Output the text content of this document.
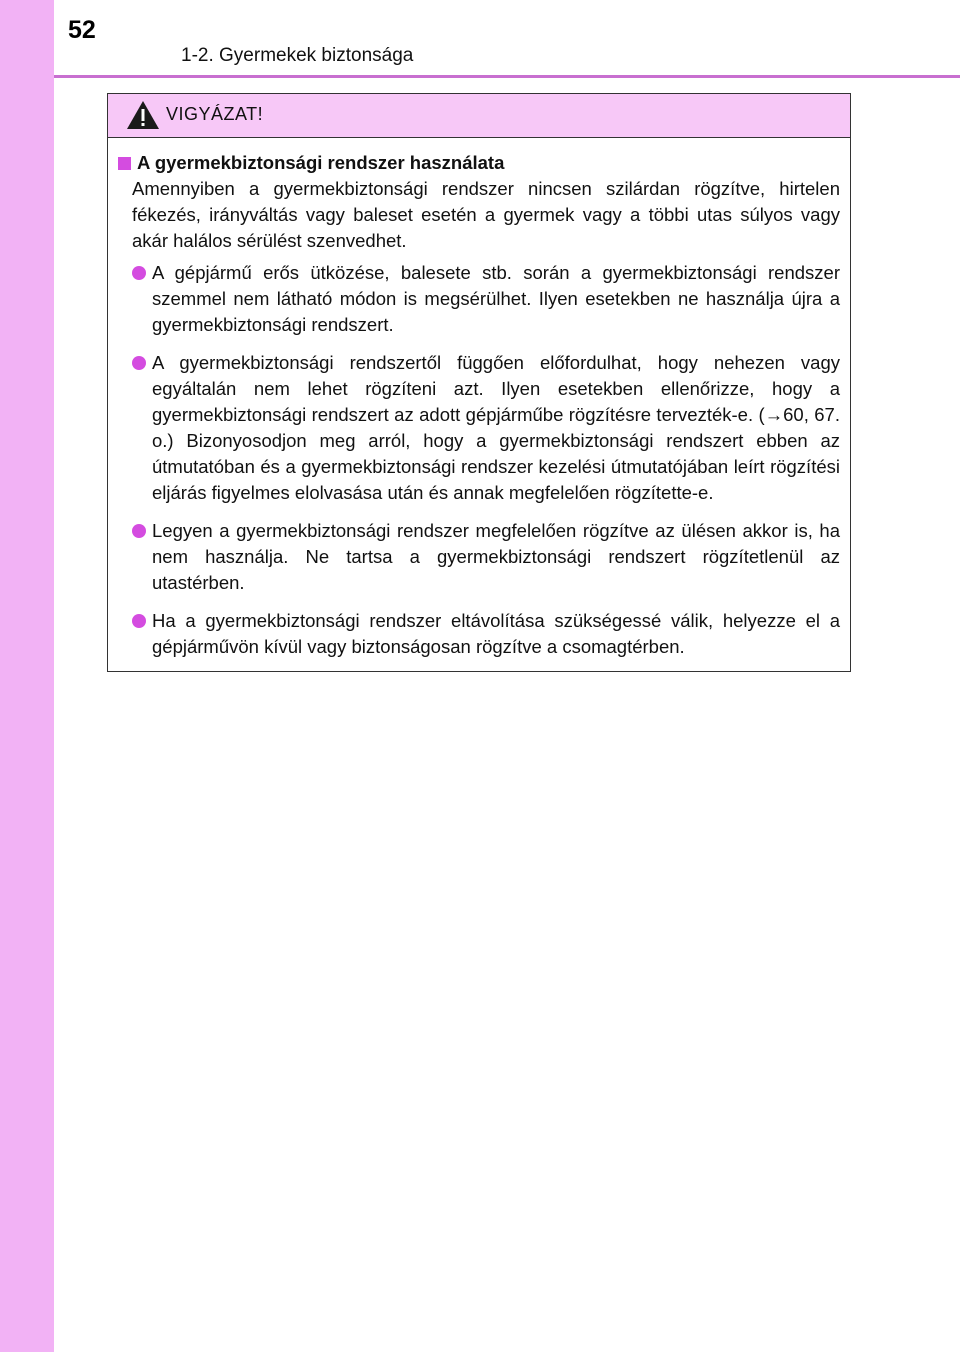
52
1-2. Gyermekek biztonsága
VIGYÁZAT!
A gyermekbiztonsági rendszer használata
Amennyiben a gyermekbiztonsági rendszer nincsen szilárdan rögzítve, hirtelen fékezés, irányváltás vagy baleset esetén a gyermek vagy a többi utas súlyos vagy akár halálos sérülést szenvedhet.
A gépjármű erős ütközése, balesete stb. során a gyermekbiztonsági rendszer szemmel nem látható módon is megsérülhet. Ilyen esetekben ne használja újra a gyermekbiztonsági rendszert.
A gyermekbiztonsági rendszertől függően előfordulhat, hogy nehezen vagy egyáltalán nem lehet rögzíteni azt. Ilyen esetekben ellenőrizze, hogy a gyermekbiztonsági rendszert az adott gépjárműbe rögzítésre tervezték-e. (→60, 67. o.) Bizonyosodjon meg arról, hogy a gyermekbiztonsági rendszert ebben az útmutatóban és a gyermekbiztonsági rendszer kezelési útmutatójában leírt rögzítési eljárás figyelmes elolvasása után és annak megfelelően rögzítette-e.
Legyen a gyermekbiztonsági rendszer megfelelően rögzítve az ülésen akkor is, ha nem használja. Ne tartsa a gyermekbiztonsági rendszert rögzítetlenül az utastérben.
Ha a gyermekbiztonsági rendszer eltávolítása szükségessé válik, helyezze el a gépjárművön kívül vagy biztonságosan rögzítve a csomagtérben.
